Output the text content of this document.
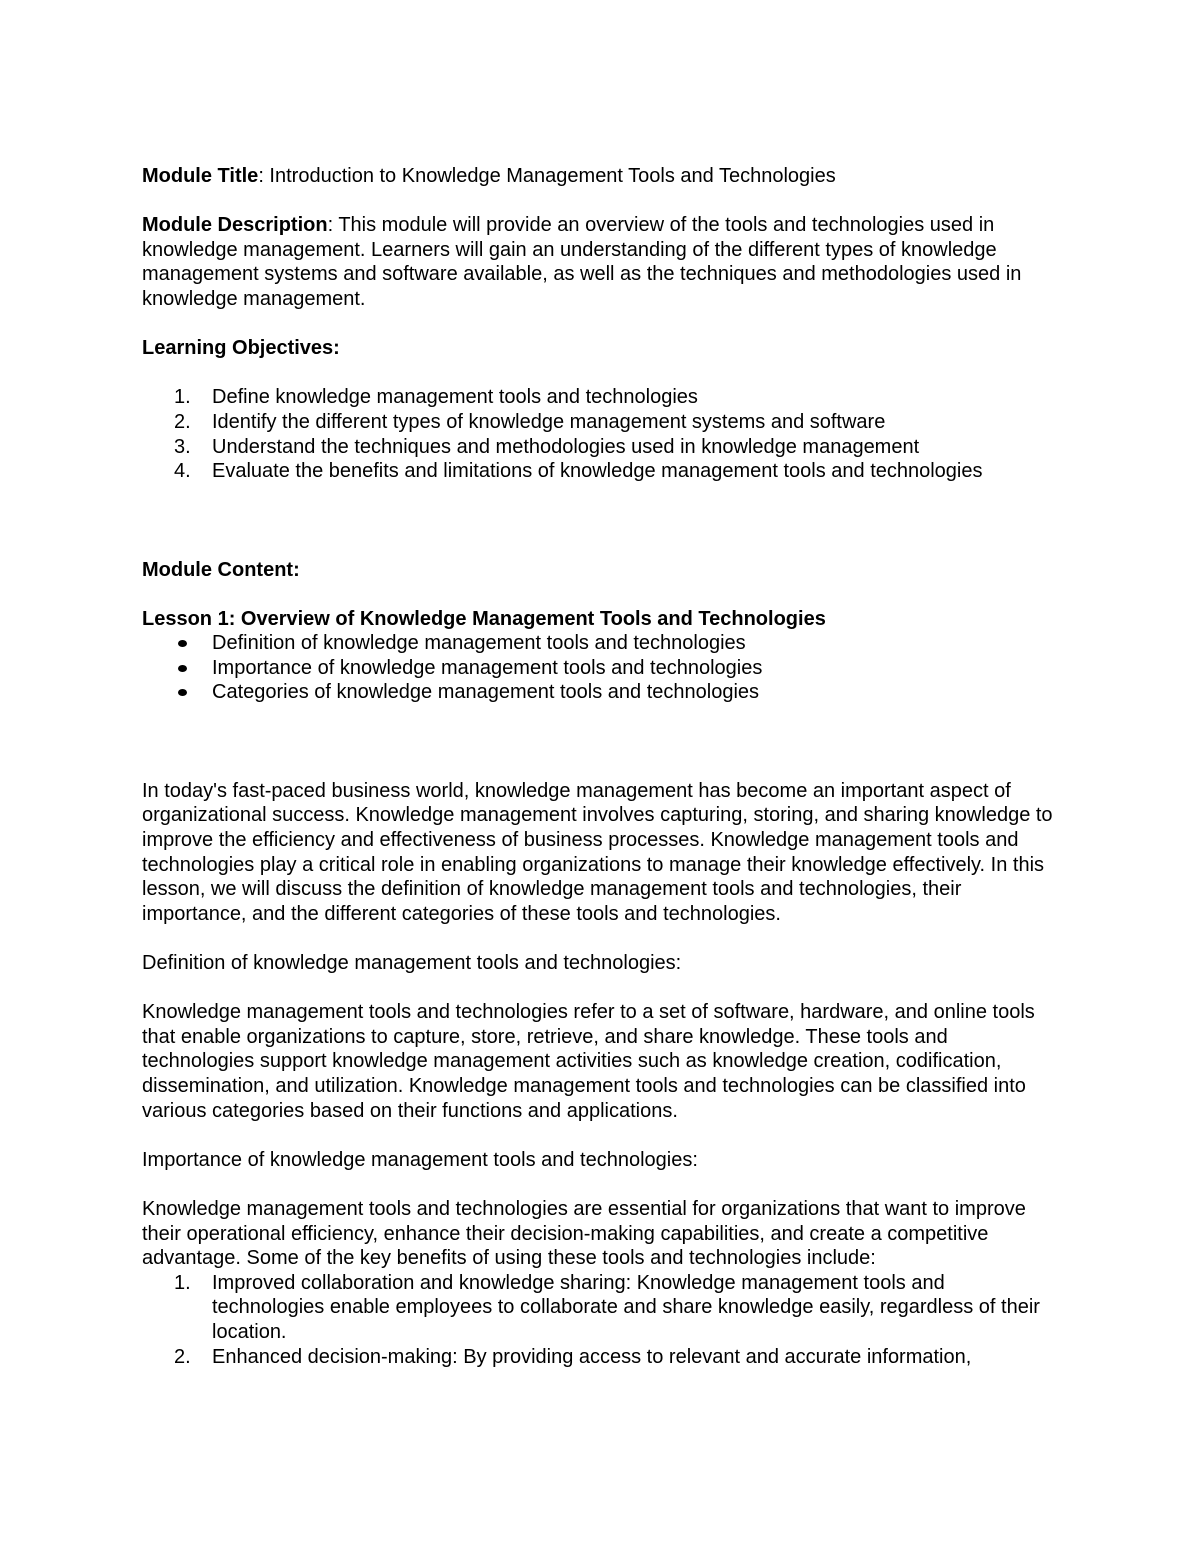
Module Title: Introduction to Knowledge Management Tools and Technologies

Module Description: This module will provide an overview of the tools and technologies used in knowledge management. Learners will gain an understanding of the different types of knowledge management systems and software available, as well as the techniques and methodologies used in knowledge management.

Learning Objectives:

1.	Define knowledge management tools and technologies
2.	Identify the different types of knowledge management systems and software
3.	Understand the techniques and methodologies used in knowledge management
4.	Evaluate the benefits and limitations of knowledge management tools and technologies

Module Content:

Lesson 1: Overview of Knowledge Management Tools and Technologies

Definition of knowledge management tools and technologies
Importance of knowledge management tools and technologies
Categories of knowledge management tools and technologies

In today's fast-paced business world, knowledge management has become an important aspect of organizational success. Knowledge management involves capturing, storing, and sharing knowledge to improve the efficiency and effectiveness of business processes. Knowledge management tools and technologies play a critical role in enabling organizations to manage their knowledge effectively. In this lesson, we will discuss the definition of knowledge management tools and technologies, their importance, and the different categories of these tools and technologies.

Definition of knowledge management tools and technologies:

Knowledge management tools and technologies refer to a set of software, hardware, and online tools that enable organizations to capture, store, retrieve, and share knowledge. These tools and technologies support knowledge management activities such as knowledge creation, codification, dissemination, and utilization. Knowledge management tools and technologies can be classified into various categories based on their functions and applications.

Importance of knowledge management tools and technologies:

Knowledge management tools and technologies are essential for organizations that want to improve their operational efficiency, enhance their decision-making capabilities, and create a competitive advantage. Some of the key benefits of using these tools and technologies include:

1.	Improved collaboration and knowledge sharing: Knowledge management tools and technologies enable employees to collaborate and share knowledge easily, regardless of their location.
2.	Enhanced decision-making: By providing access to relevant and accurate information,
